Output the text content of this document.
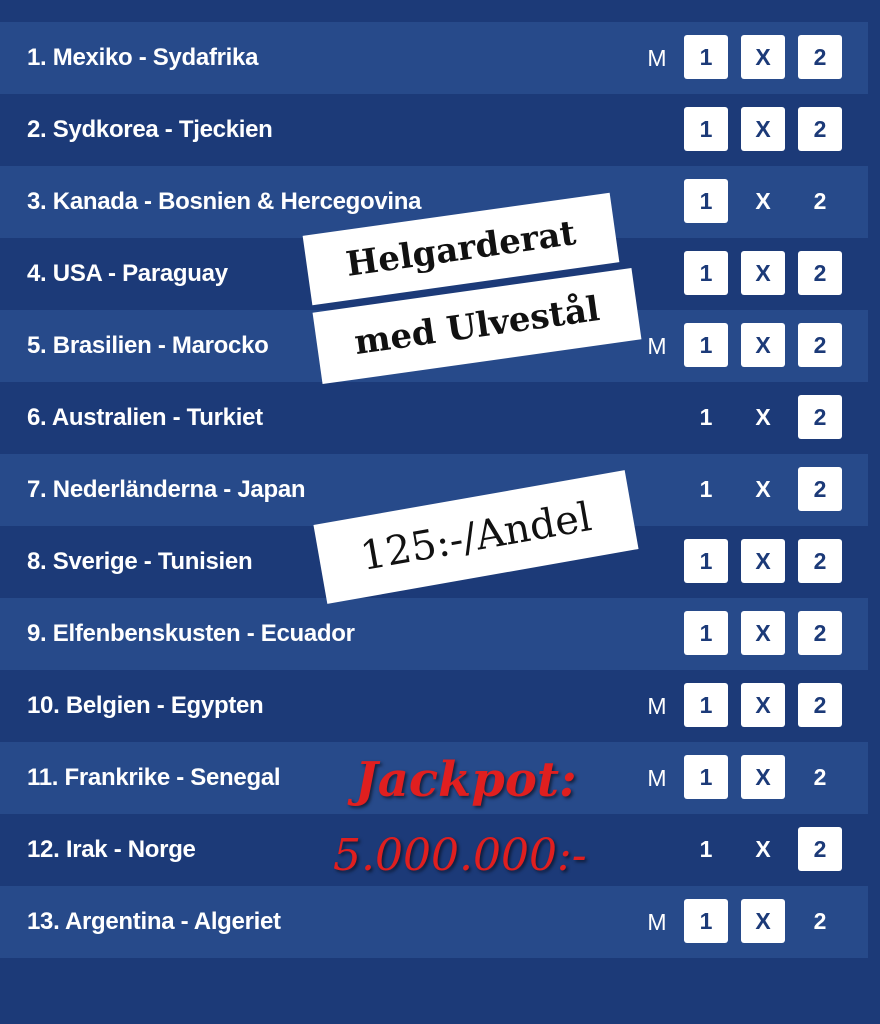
1. Mexiko - Sydafrika	M	1	X	2
2. Sydkorea - Tjeckien	1	X	2
3. Kanada - Bosnien & Hercegovina	1	X	2
4. USA - Paraguay	1	X	2
5. Brasilien - Marocko	M	1	X	2
6. Australien - Turkiet	1	X	2
7. Nederländerna - Japan	1	X	2
8. Sverige - Tunisien	1	X	2
9. Elfenbenskusten - Ecuador	1	X	2
10. Belgien - Egypten	M	1	X	2
11. Frankrike - Senegal	M	1	X	2
12. Irak - Norge	1	X	2
13. Argentina - Algeriet	M	1	X	2
Helgarderat
med Ulvestål
125:-/Andel
Jackpot:
5.000.000:-
